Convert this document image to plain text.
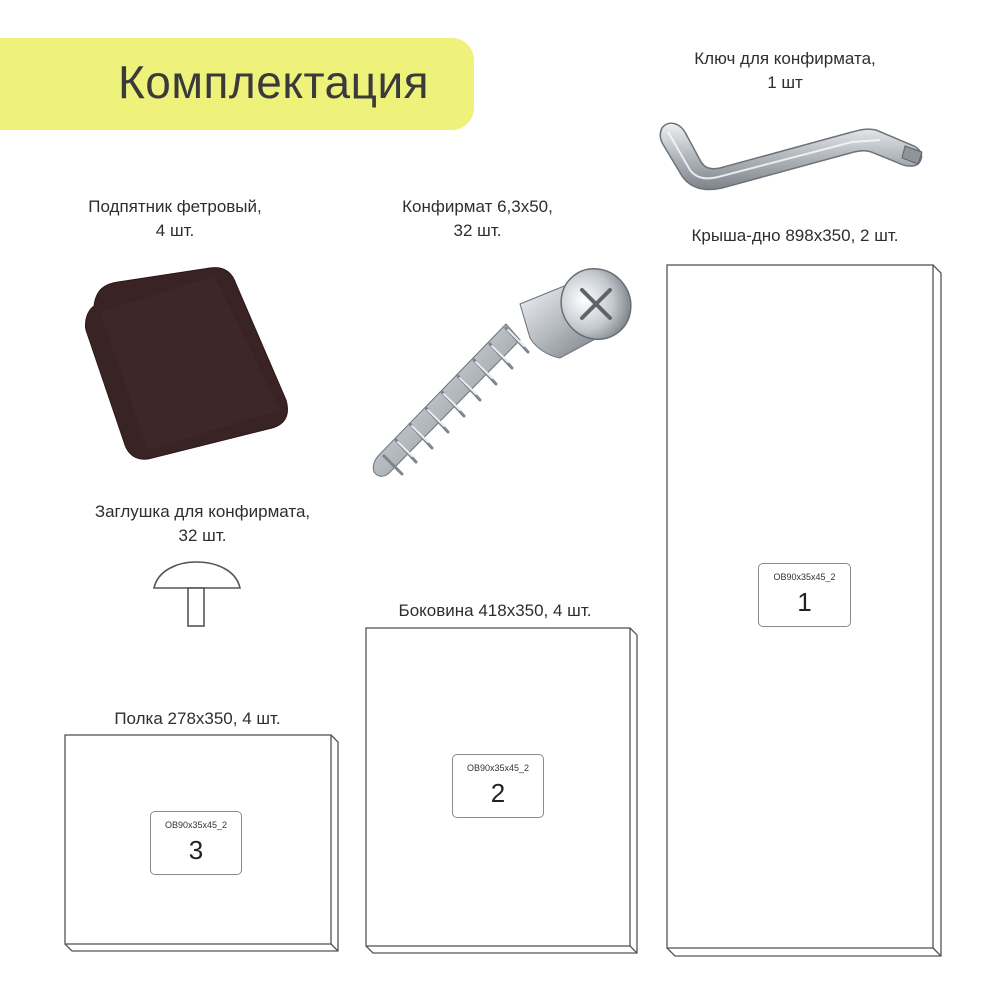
Комплектация	Ключ для конфирмата,
1 шт
Подпятник фетровый,
4 шт.
Конфирмат 6,3х50,
32 шт.
Заглушка для конфирмата,
32 шт.
Крыша-дно 898х350, 2 шт.
Боковина 418х350, 4 шт.
Полка 278х350, 4 шт.
ОВ90х35х45_2
1
ОВ90х35х45_2
2
ОВ90х35х45_2
3
